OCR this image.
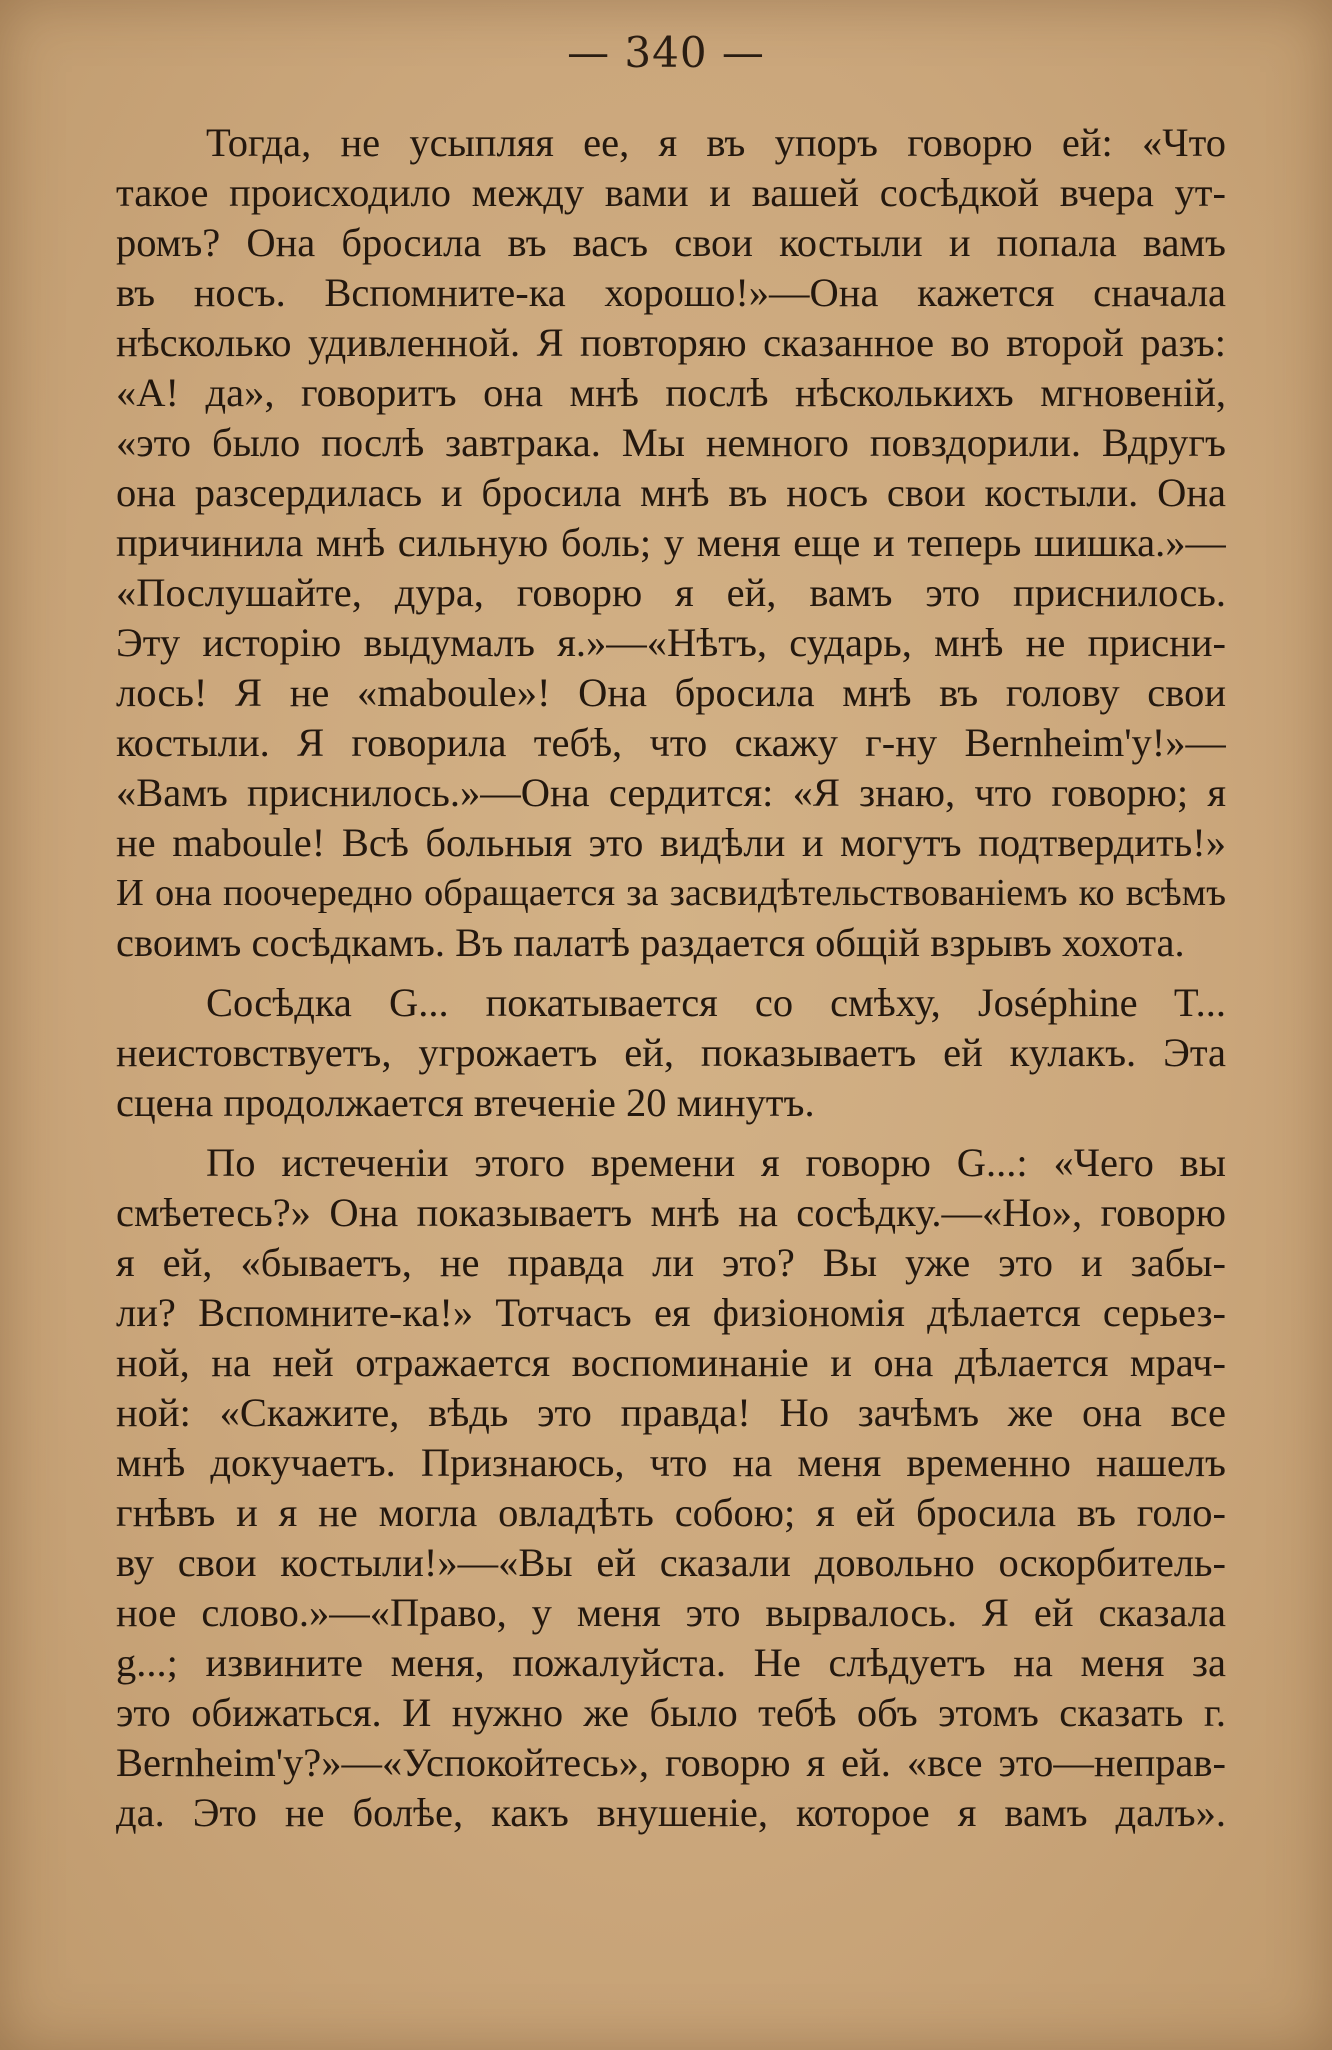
— 340 —
Тогда, не усыпляя ее, я въ упоръ говорю ей: «Что
такое происходило между вами и вашей сосѣдкой вчера ут-
ромъ? Она бросила въ васъ свои костыли и попала вамъ
въ носъ. Вспомните-ка хорошо!»—Она кажется сначала
нѣсколько удивленной. Я повторяю сказанное во второй разъ:
«А! да», говоритъ она мнѣ послѣ нѣсколькихъ мгновеній,
«это было послѣ завтрака. Мы немного повздорили. Вдругъ
она разсердилась и бросила мнѣ въ носъ свои костыли. Она
причинила мнѣ сильную боль; у меня еще и теперь шишка.»—
«Послушайте, дура, говорю я ей, вамъ это приснилось.
Эту исторію выдумалъ я.»—«Нѣтъ, сударь, мнѣ не присни-
лось! Я не «maboule»! Она бросила мнѣ въ голову свои
костыли. Я говорила тебѣ, что скажу г-ну Bernheim'у!»—
«Вамъ приснилось.»—Она сердится: «Я знаю, что говорю; я
не maboule! Всѣ больныя это видѣли и могутъ подтвердить!»
И она поочередно обращается за засвидѣтельствованіемъ ко всѣмъ
своимъ сосѣдкамъ. Въ палатѣ раздается общій взрывъ хохота.
Сосѣдка G... покатывается со смѣху, Joséphine T...
неистовствуетъ, угрожаетъ ей, показываетъ ей кулакъ. Эта
сцена продолжается втеченіе 20 минутъ.
По истеченіи этого времени я говорю G...: «Чего вы
смѣетесь?» Она показываетъ мнѣ на сосѣдку.—«Но», говорю
я ей, «бываетъ, не правда ли это? Вы уже это и забы-
ли? Вспомните-ка!» Тотчасъ ея физіономія дѣлается серьез-
ной, на ней отражается воспоминаніе и она дѣлается мрач-
ной: «Скажите, вѣдь это правда! Но зачѣмъ же она все
мнѣ докучаетъ. Признаюсь, что на меня временно нашелъ
гнѣвъ и я не могла овладѣть собою; я ей бросила въ голо-
ву свои костыли!»—«Вы ей сказали довольно оскорбитель-
ное слово.»—«Право, у меня это вырвалось. Я ей сказала
g...; извините меня, пожалуйста. Не слѣдуетъ на меня за
это обижаться. И нужно же было тебѣ объ этомъ сказать г.
Bernheim'у?»—«Успокойтесь», говорю я ей. «все это—неправ-
да. Это не болѣе, какъ внушеніе, которое я вамъ далъ».
